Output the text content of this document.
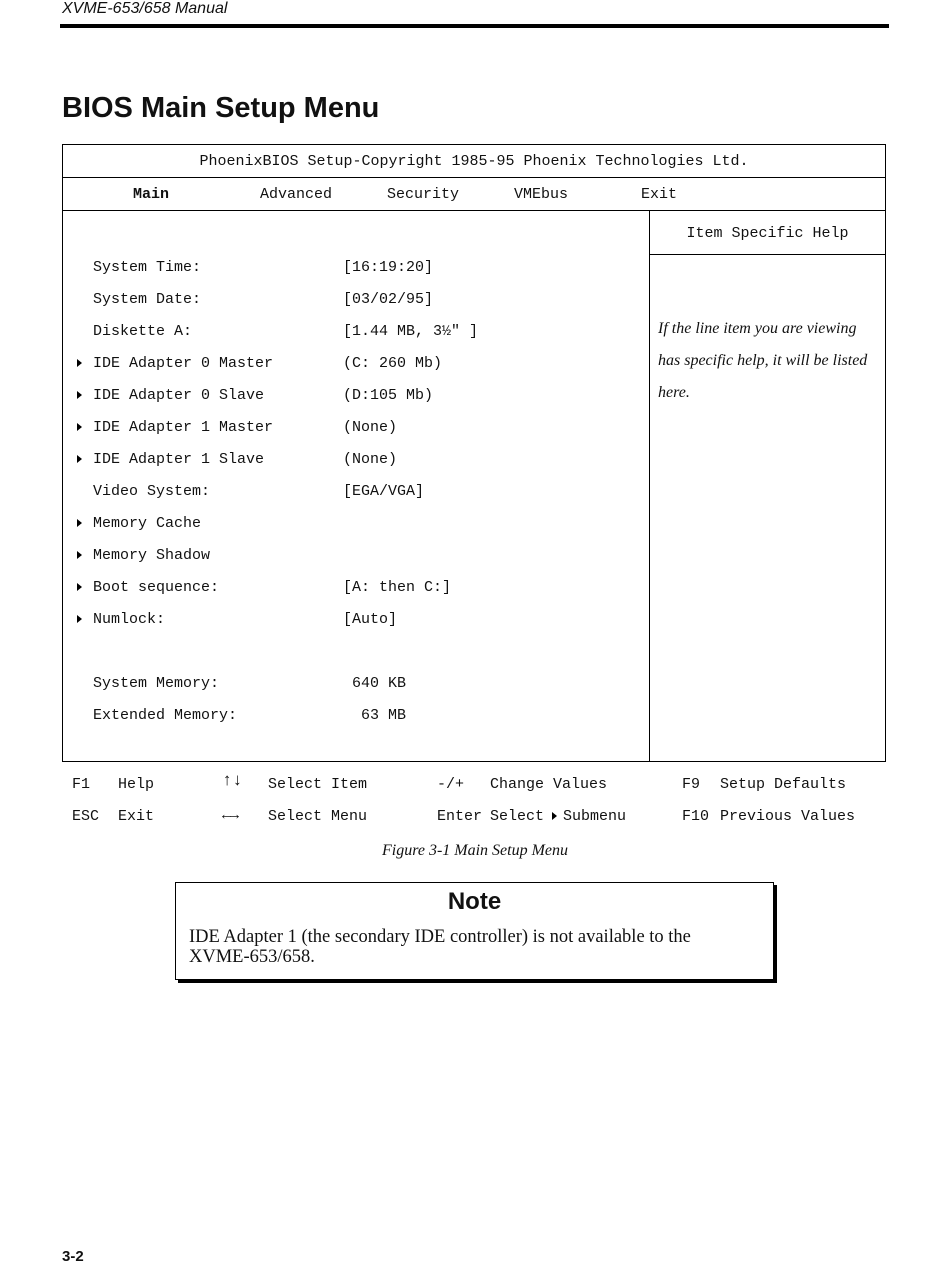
XVME-653/658 Manual
BIOS Main Setup Menu
PhoenixBIOS Setup-Copyright 1985-95 Phoenix Technologies Ltd.
Main	Advanced	Security	VMEbus	Exit
System Time:	[16:19:20]
System Date:	[03/02/95]
Diskette A:	[1.44 MB, 3½" ]
IDE Adapter 0 Master	(C: 260 Mb)
IDE Adapter 0 Slave	(D:105 Mb)
IDE Adapter 1 Master	(None)
IDE Adapter 1 Slave	(None)
Video System:	[EGA/VGA]
Memory Cache
Memory Shadow
Boot sequence:	[A: then C:]
Numlock:	[Auto]
System Memory:	640 KB
Extended Memory:	63 MB
Item Specific Help
If the line item you are viewing has specific help, it will be listed here.
F1 Help	↑↓ Select Item	-/+ Change Values	F9 Setup Defaults
ESC Exit	←→ Select Menu	Enter Select Submenu	F10 Previous Values
Figure 3-1 Main Setup Menu
Note
IDE Adapter 1 (the secondary IDE controller) is not available to the XVME-653/658.
3-2
